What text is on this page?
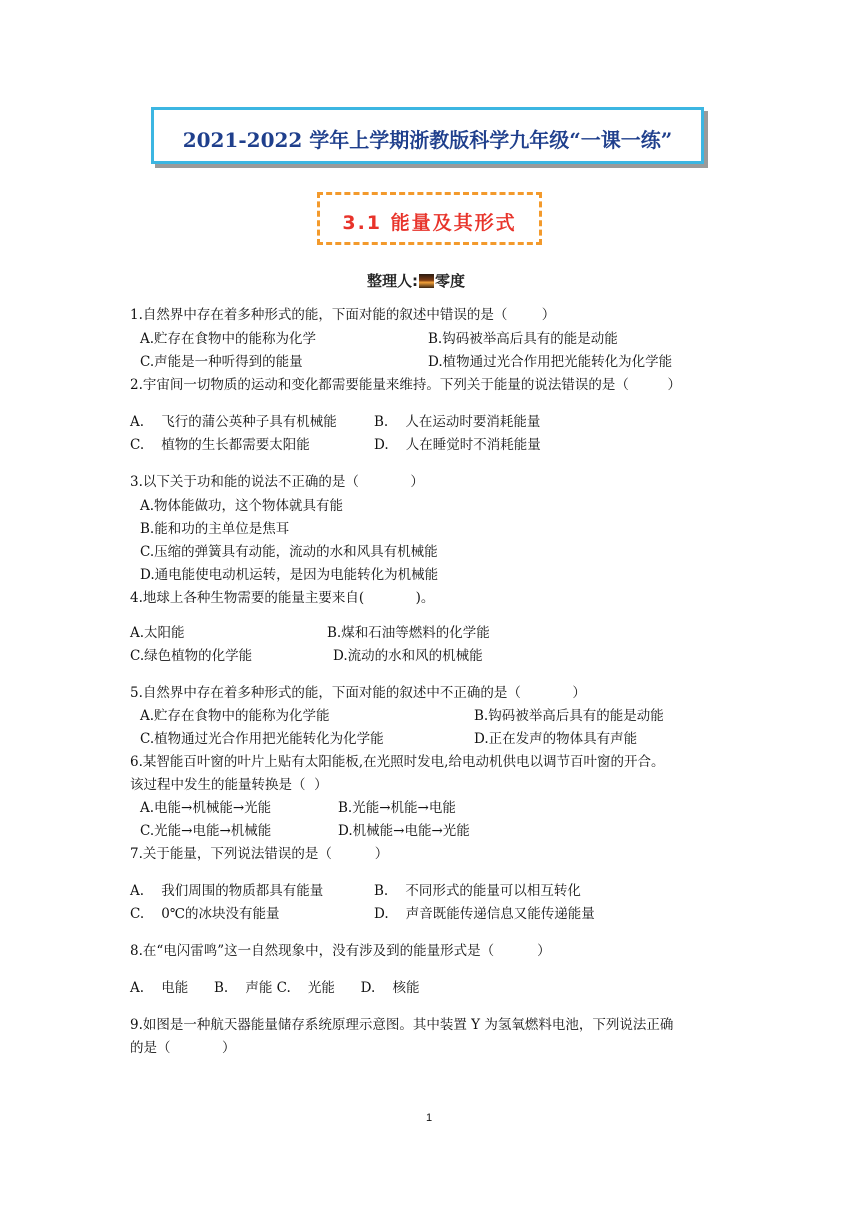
2021-2022 学年上学期浙教版科学九年级“一课一练”
3.1 能量及其形式
整理人: 零度
1.自然界中存在着多种形式的能，下面对能的叙述中错误的是（        ）
A.贮存在食物中的能称为化学	B.钩码被举高后具有的能是动能
C.声能是一种听得到的能量	D.植物通过光合作用把光能转化为化学能
2.宇宙间一切物质的运动和变化都需要能量来维持。下列关于能量的说法错误的是（         ）
A.    飞行的蒲公英种子具有机械能	B.    人在运动时要消耗能量
C.    植物的生长都需要太阳能	D.    人在睡觉时不消耗能量
3.以下关于功和能的说法不正确的是（            ）
A.物体能做功，这个物体就具有能
B.能和功的主单位是焦耳
C.压缩的弹簧具有动能，流动的水和风具有机械能
D.通电能使电动机运转，是因为电能转化为机械能
4.地球上各种生物需要的能量主要来自(            )。
A.太阳能	B.煤和石油等燃料的化学能
C.绿色植物的化学能	D.流动的水和风的机械能
5.自然界中存在着多种形式的能，下面对能的叙述中不正确的是（            ）
A.贮存在食物中的能称为化学能	B.钩码被举高后具有的能是动能
C.植物通过光合作用把光能转化为化学能	D.正在发声的物体具有声能
6.某智能百叶窗的叶片上贴有太阳能板,在光照时发电,给电动机供电以调节百叶窗的开合。
该过程中发生的能量转换是（  ）
A.电能→机械能→光能	B.光能→机能→电能
C.光能→电能→机械能	D.机械能→电能→光能
7.关于能量，下列说法错误的是（          ）
A.    我们周围的物质都具有能量	B.    不同形式的能量可以相互转化
C.    0℃的冰块没有能量	D.    声音既能传递信息又能传递能量
8.在“电闪雷鸣”这一自然现象中，没有涉及到的能量形式是（          ）
A.    电能      B.    声能 C.    光能      D.    核能
9.如图是一种航天器能量储存系统原理示意图。其中装置 Y 为氢氧燃料电池，下列说法正确
的是（            ）
1
